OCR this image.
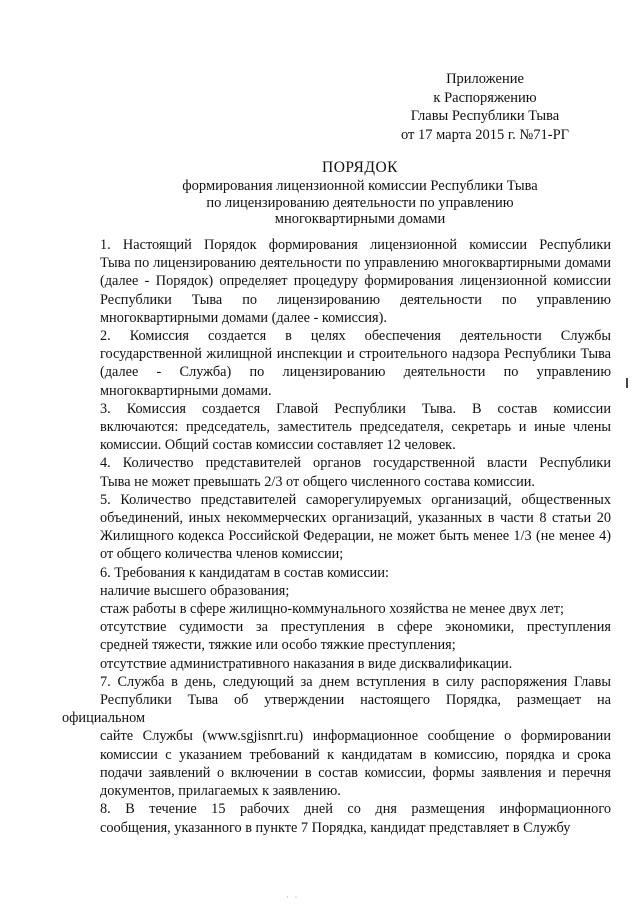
Приложение
к Распоряжению
Главы Республики Тыва
от 17 марта 2015 г. №71-РГ
ПОРЯДОК
формирования лицензионной комиссии Республики Тыва
по лицензированию деятельности по управлению
многоквартирными домами
1. Настоящий Порядок формирования лицензионной комиссии Республики
Тыва по лицензированию деятельности по управлению многоквартирными домами
(далее - Порядок) определяет процедуру формирования лицензионной комиссии
Республики Тыва по лицензированию деятельности по управлению
многоквартирными домами (далее - комиссия).
2. Комиссия создается в целях обеспечения деятельности Службы
государственной жилищной инспекции и строительного надзора Республики Тыва
(далее - Служба) по лицензированию деятельности по управлению
многоквартирными домами.
3. Комиссия создается Главой Республики Тыва. В состав комиссии
включаются: председатель, заместитель председателя, секретарь и иные члены
комиссии. Общий состав комиссии составляет 12 человек.
4. Количество представителей органов государственной власти Республики
Тыва не может превышать 2/3 от общего численного состава комиссии.
5. Количество представителей саморегулируемых организаций, общественных
объединений, иных некоммерческих организаций, указанных в части 8 статьи 20
Жилищного кодекса Российской Федерации, не может быть менее 1/3 (не менее 4)
от общего количества членов комиссии;
6. Требования к кандидатам в состав комиссии:
наличие высшего образования;
стаж работы в сфере жилищно-коммунального хозяйства не менее двух лет;
отсутствие судимости за преступления в сфере экономики, преступления
средней тяжести, тяжкие или особо тяжкие преступления;
отсутствие административного наказания в виде дисквалификации.
7. Служба в день, следующий за днем вступления в силу распоряжения Главы
Республики Тыва об утверждении настоящего Порядка, размещает на официальном
сайте Службы (www.sgjisnrt.ru) информационное сообщение о формировании
комиссии с указанием требований к кандидатам в комиссию, порядка и срока
подачи заявлений о включении в состав комиссии, формы заявления и перечня
документов, прилагаемых к заявлению.
8. В течение 15 рабочих дней со дня размещения информационного
сообщения, указанного в пункте 7 Порядка, кандидат представляет в Службу
· ·
